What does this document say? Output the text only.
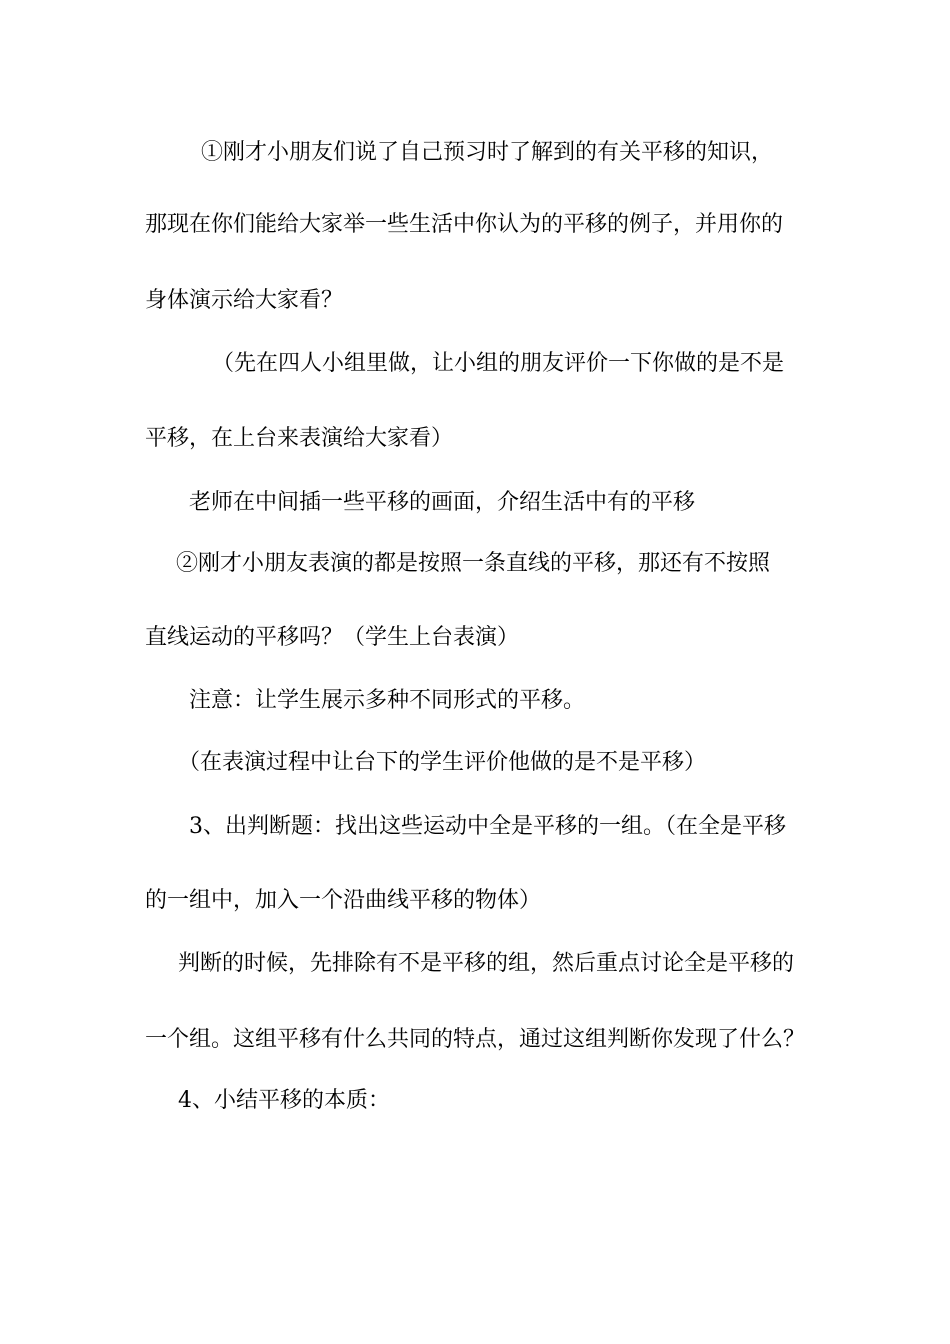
①刚才小朋友们说了自己预习时了解到的有关平移的知识，
那现在你们能给大家举一些生活中你认为的平移的例子，并用你的
身体演示给大家看？
（先在四人小组里做，让小组的朋友评价一下你做的是不是
平移，在上台来表演给大家看）
老师在中间插一些平移的画面，介绍生活中有的平移
②刚才小朋友表演的都是按照一条直线的平移，那还有不按照
直线运动的平移吗？（学生上台表演）
注意：让学生展示多种不同形式的平移。
（在表演过程中让台下的学生评价他做的是不是平移）
3、出判断题：找出这些运动中全是平移的一组。（在全是平移
的一组中，加入一个沿曲线平移的物体）
判断的时候，先排除有不是平移的组，然后重点讨论全是平移的
一个组。这组平移有什么共同的特点，通过这组判断你发现了什么？
4、小结平移的本质：
